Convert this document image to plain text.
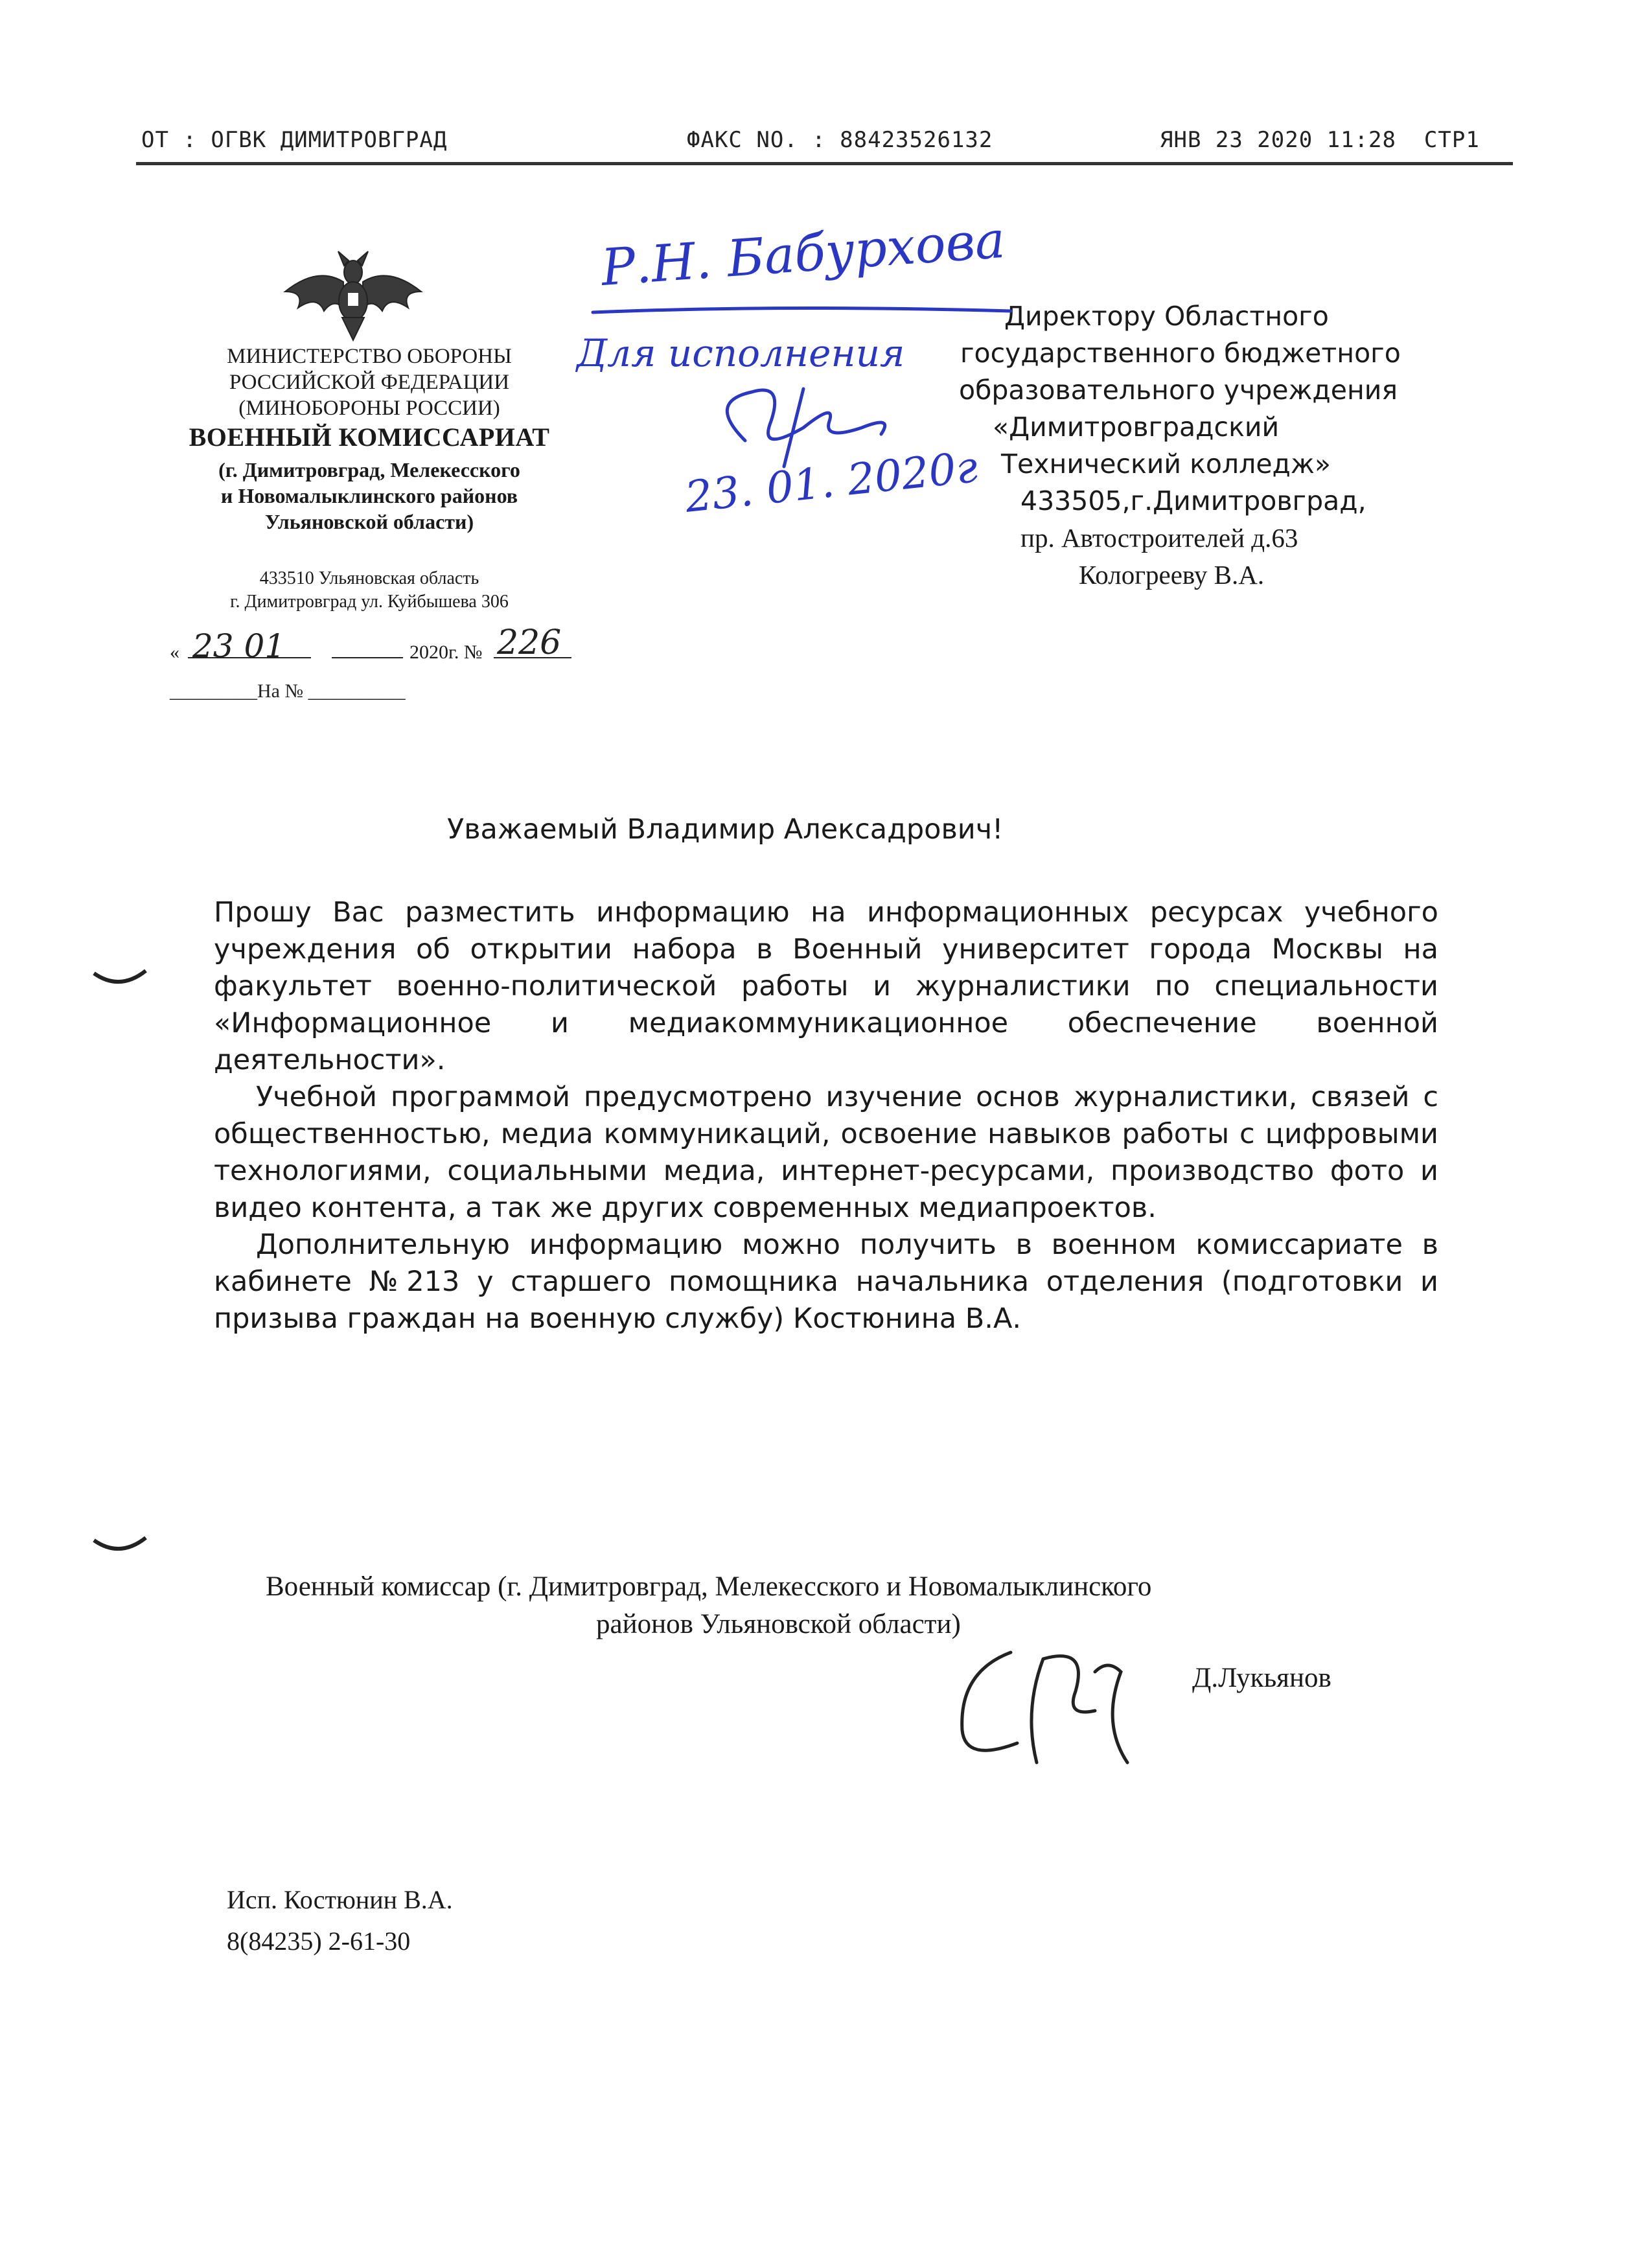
ОТ : ОГВК ДИМИТРОВГРАД	ФАКС NO. : 88423526132	ЯНВ 23 2020 11:28  СТР1
МИНИСТЕРСТВО ОБОРОНЫ
РОССИЙСКОЙ ФЕДЕРАЦИИ
(МИНОБОРОНЫ РОССИИ)
ВОЕННЫЙ КОМИССАРИАТ
(г. Димитровград, Мелекесского
и Новомалыклинского районов
Ульяновской области)
433510 Ульяновская область
г. Димитровград ул. Куйбышева 306
«	2020г. №
23 01	226
_________На № __________
Директору Областного
государственного бюджетного
образовательного учреждения
«Димитровградский
Технический колледж»
433505,г.Димитровград,
пр. Автостроителей д.63
Кологрееву В.А.
Р.Н. Бабурхова
Для исполнения
23. 01. 2020г
Уважаемый Владимир Алексадрович!

Прошу Вас разместить информацию на информационных ресурсах учебного учреждения об открытии набора в Военный университет города Москвы на факультет военно-политической работы и журналистики по специальности «Информационное и медиакоммуникационное обеспечение военной деятельности».

Учебной программой предусмотрено изучение основ журналистики, связей с общественностью, медиа коммуникаций, освоение навыков работы с цифровыми технологиями, социальными медиа, интернет-ресурсами, производство фото и видео контента, а так же других современных медиапроектов.

Дополнительную информацию можно получить в военном комиссариате в кабинете №213 у старшего помощника начальника отделения (подготовки и призыва граждан на военную службу) Костюнина В.А.

Военный комиссар (г. Димитровград, Мелекесского и Новомалыклинского
районов Ульяновской области)
Д.Лукьянов
Исп. Костюнин В.А.
8(84235) 2-61-30
